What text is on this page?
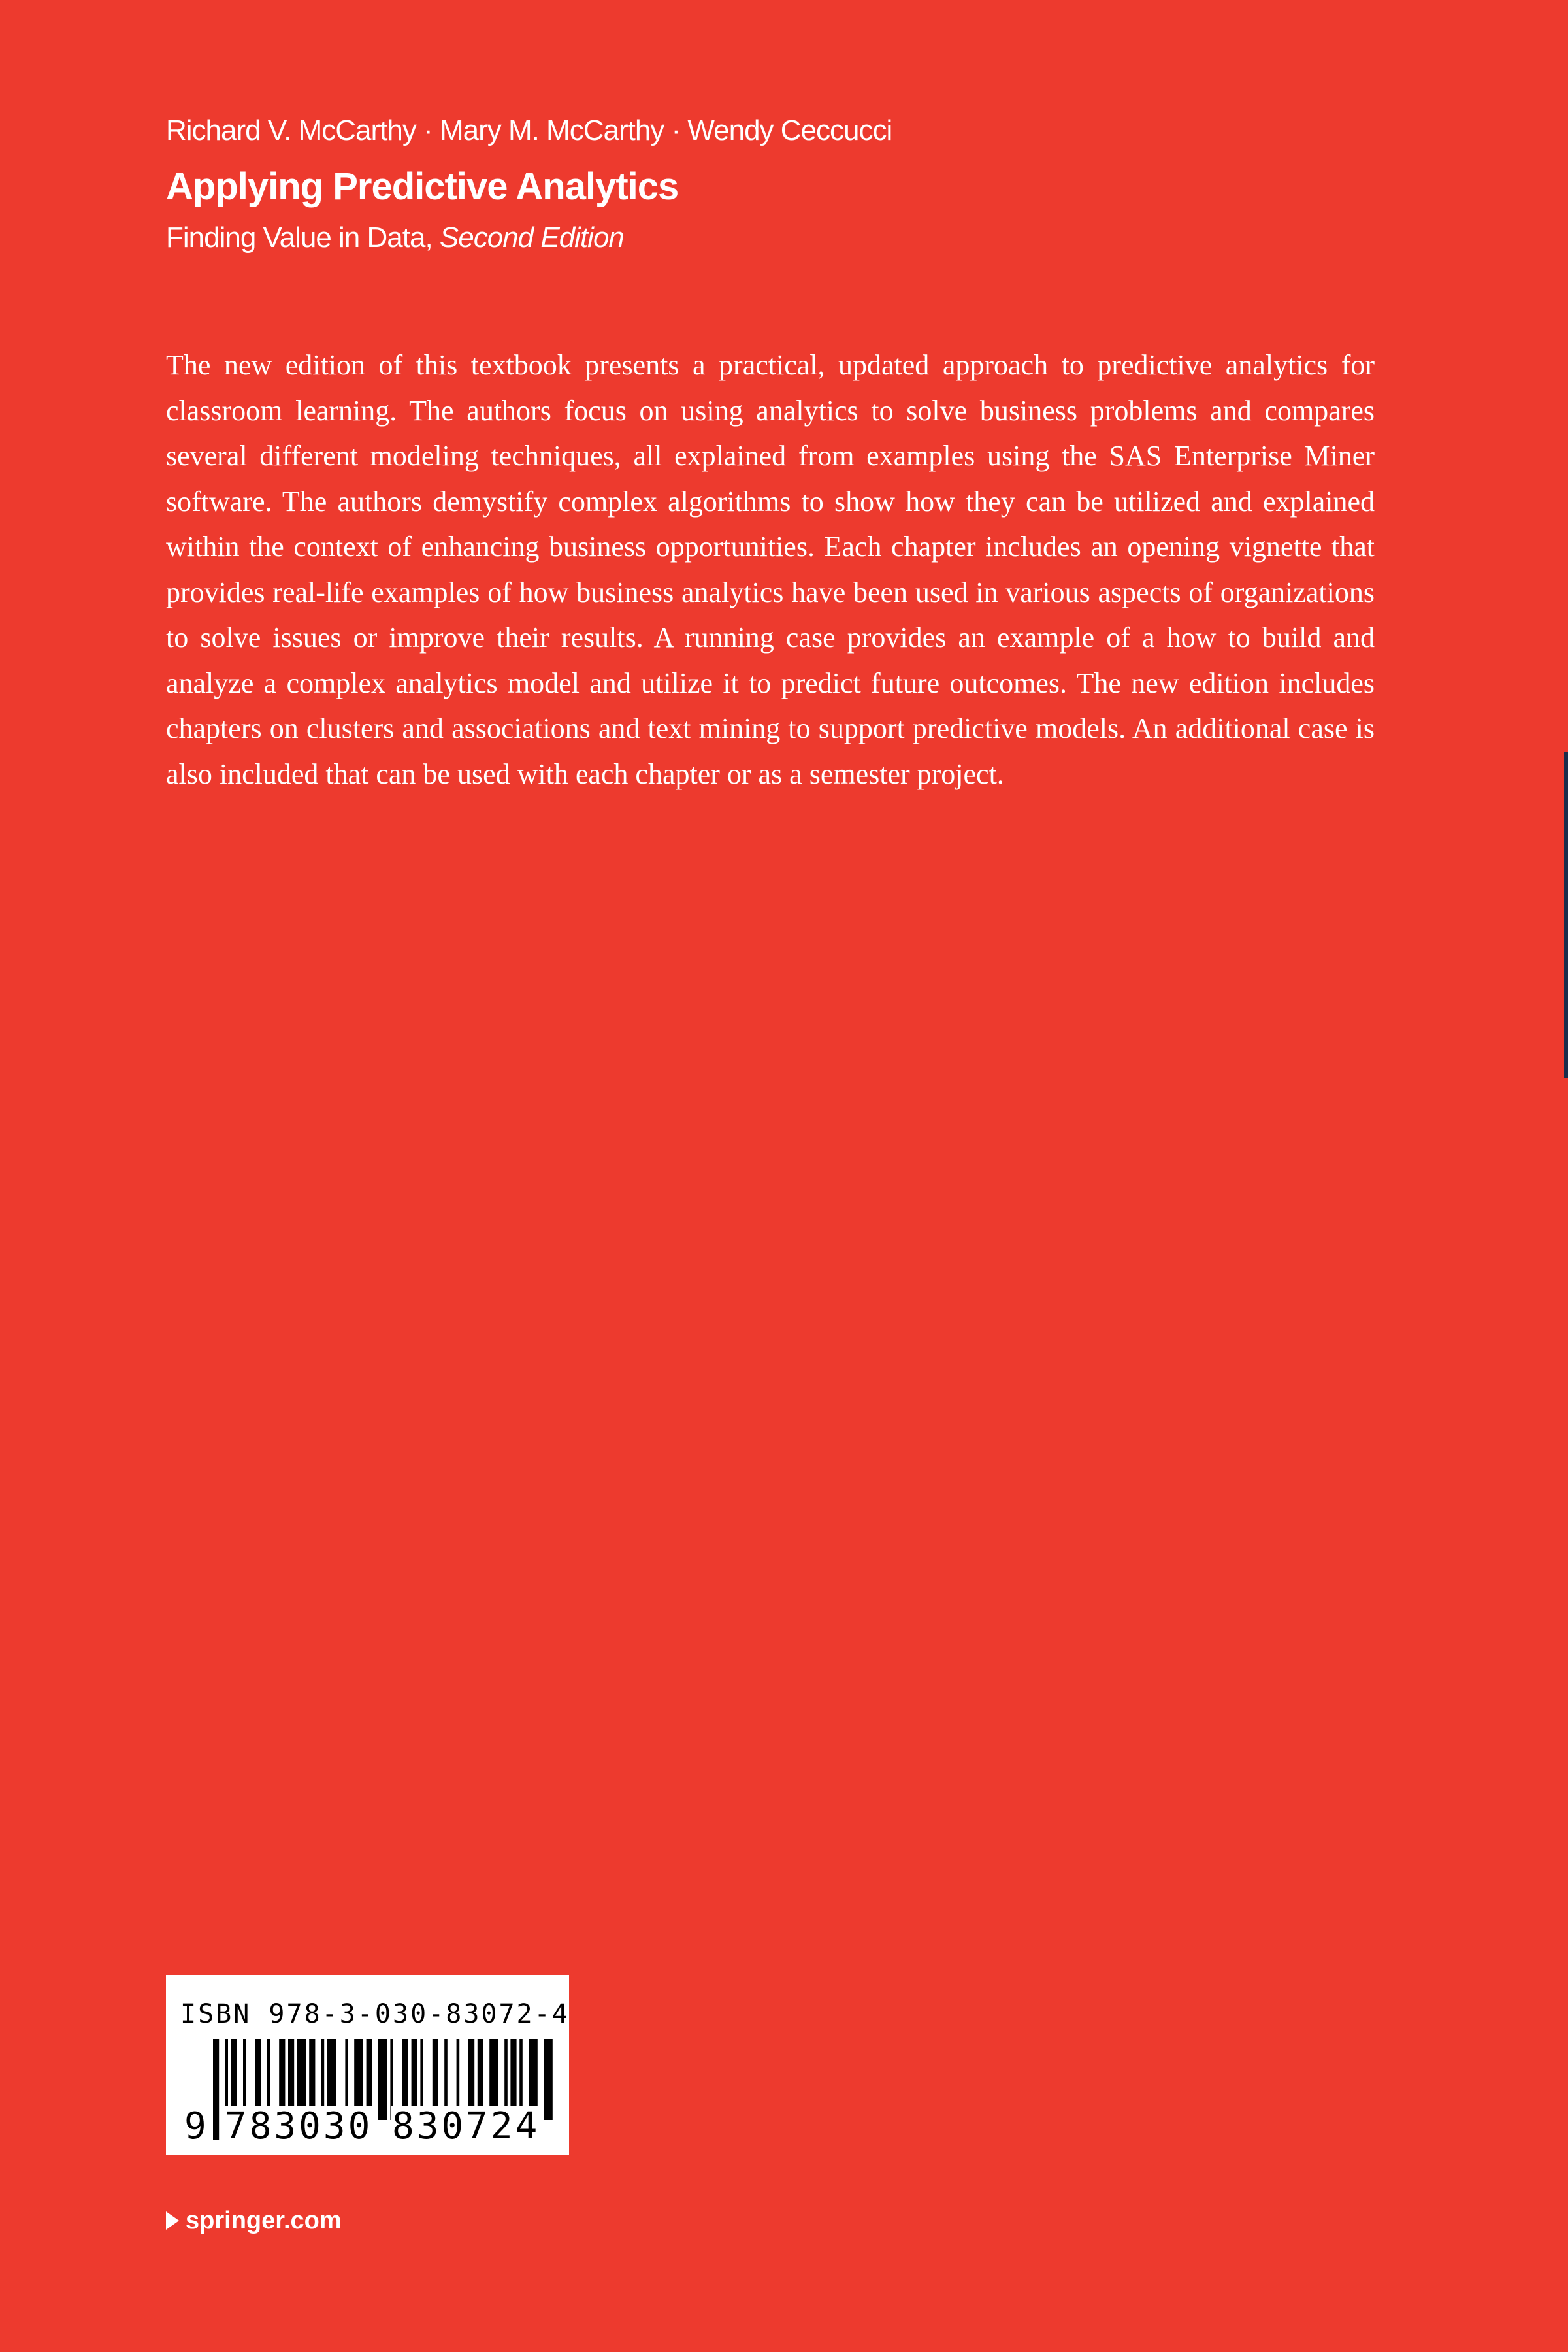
Richard V. McCarthy · Mary M. McCarthy · Wendy Ceccucci
Applying Predictive Analytics
Finding Value in Data, Second Edition

The new edition of this textbook presents a practical, updated approach to predictive analytics for classroom learning. The authors focus on using analytics to solve business problems and compares several different modeling techniques, all explained from examples using the SAS Enterprise Miner software. The authors demystify complex algorithms to show how they can be utilized and explained within the context of enhancing business opportunities. Each chapter includes an opening vignette that provides real-life examples of how business analytics have been used in various aspects of organizations to solve issues or improve their results. A running case provides an example of a how to build and analyze a complex analytics model and utilize it to predict future outcomes. The new edition includes chapters on clusters and associations and text mining to support predictive models. An additional case is also included that can be used with each chapter or as a semester project.

ISBN 978-3-030-83072-4
9 783030 830724
springer.com
